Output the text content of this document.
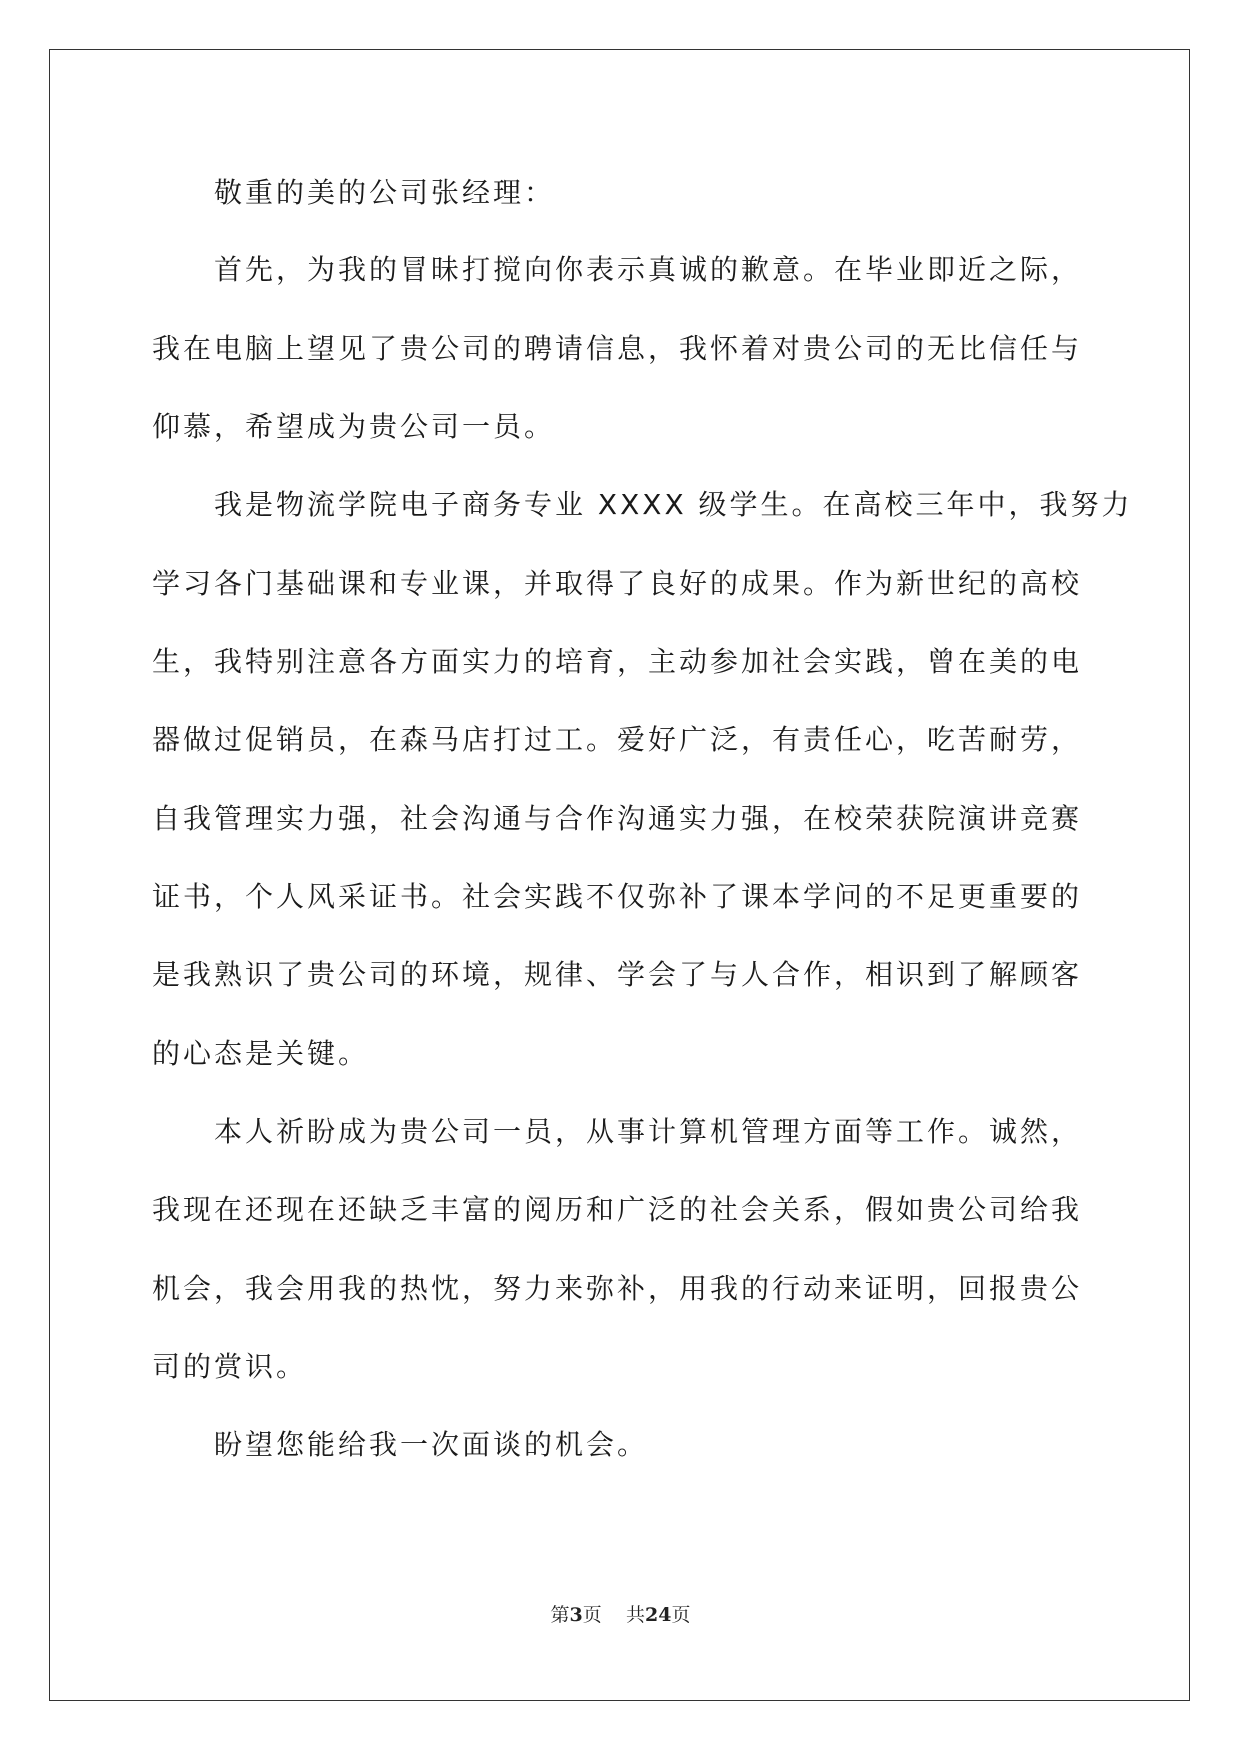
敬重的美的公司张经理：
首先，为我的冒昧打搅向你表示真诚的歉意。在毕业即近之际，
我在电脑上望见了贵公司的聘请信息，我怀着对贵公司的无比信任与
仰慕，希望成为贵公司一员。
我是物流学院电子商务专业 XXXX 级学生。在高校三年中，我努力
学习各门基础课和专业课，并取得了良好的成果。作为新世纪的高校
生，我特别注意各方面实力的培育，主动参加社会实践，曾在美的电
器做过促销员，在森马店打过工。爱好广泛，有责任心，吃苦耐劳，
自我管理实力强，社会沟通与合作沟通实力强，在校荣获院演讲竞赛
证书，个人风采证书。社会实践不仅弥补了课本学问的不足更重要的
是我熟识了贵公司的环境，规律、学会了与人合作，相识到了解顾客
的心态是关键。
本人祈盼成为贵公司一员，从事计算机管理方面等工作。诚然，
我现在还现在还缺乏丰富的阅历和广泛的社会关系，假如贵公司给我
机会，我会用我的热忱，努力来弥补，用我的行动来证明，回报贵公
司的赏识。
盼望您能给我一次面谈的机会。
第3页 共24页
